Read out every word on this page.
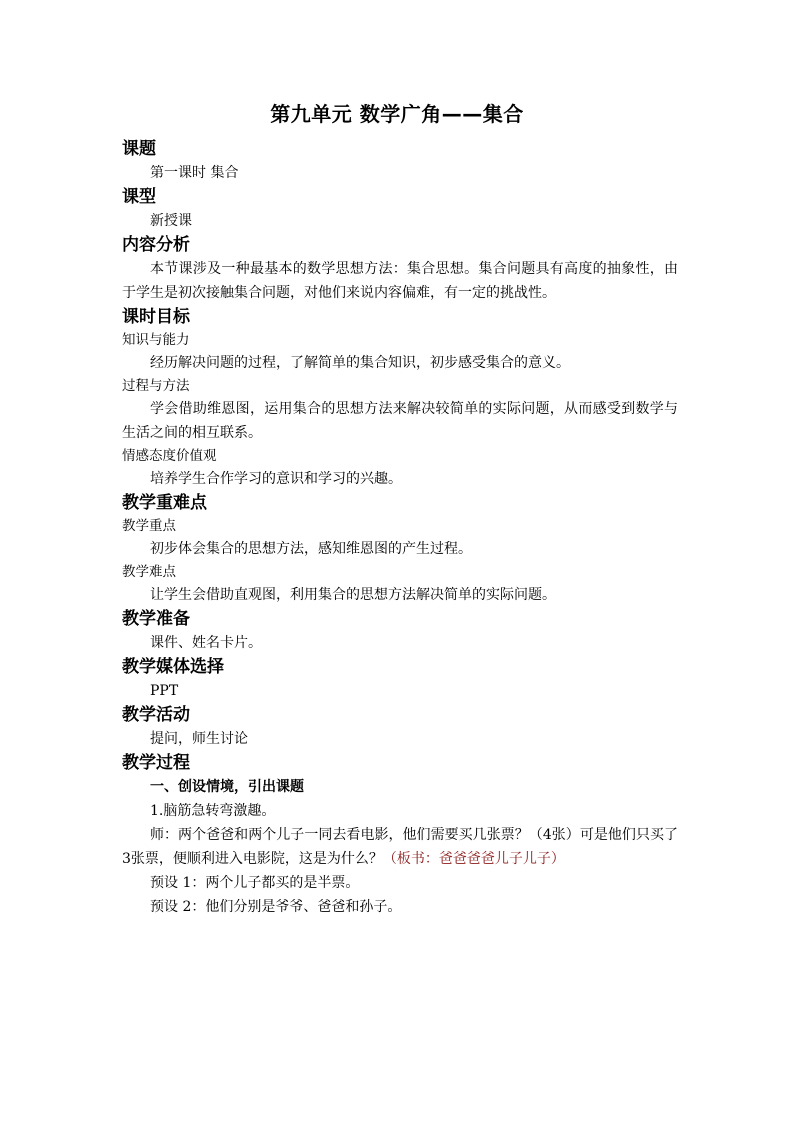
第九单元 数学广角——集合
课题
第一课时 集合
课型
新授课
内容分析
本节课涉及一种最基本的数学思想方法：集合思想。集合问题具有高度的抽象性，由于学生是初次接触集合问题，对他们来说内容偏难，有一定的挑战性。
课时目标
知识与能力
经历解决问题的过程，了解简单的集合知识，初步感受集合的意义。
过程与方法
学会借助维恩图，运用集合的思想方法来解决较简单的实际问题，从而感受到数学与生活之间的相互联系。
情感态度价值观
培养学生合作学习的意识和学习的兴趣。
教学重难点
教学重点
初步体会集合的思想方法，感知维恩图的产生过程。
教学难点
让学生会借助直观图，利用集合的思想方法解决简单的实际问题。
教学准备
课件、姓名卡片。
教学媒体选择
PPT
教学活动
提问，师生讨论
教学过程
一、创设情境，引出课题
1.脑筋急转弯激趣。
师：两个爸爸和两个儿子一同去看电影，他们需要买几张票？（4张）可是他们只买了 3张票，便顺利进入电影院，这是为什么？（板书：爸爸爸爸儿子儿子）
预设 1：两个儿子都买的是半票。
预设 2：他们分别是爷爷、爸爸和孙子。
